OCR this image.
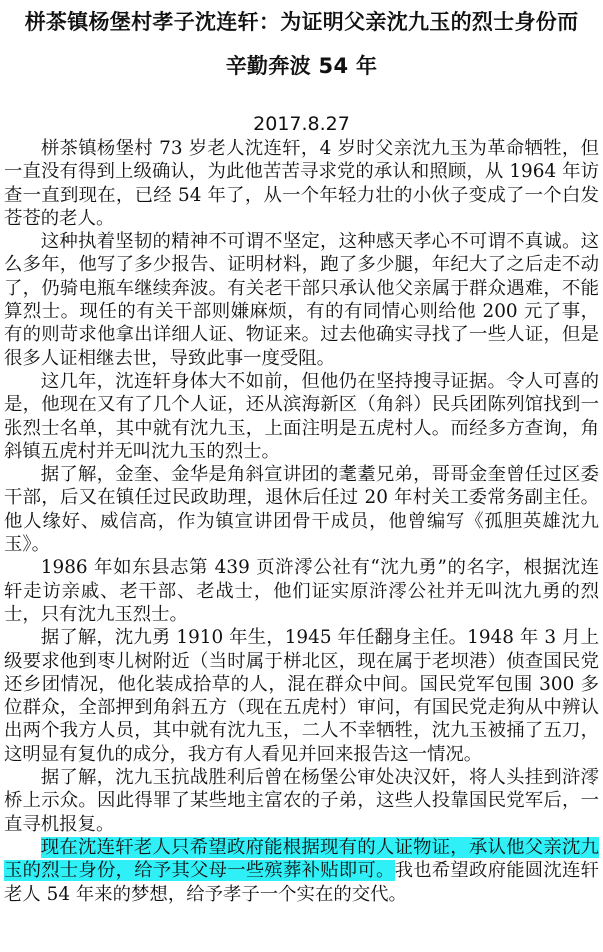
栟茶镇杨堡村孝子沈连轩：为证明父亲沈九玉的烈士身份而
辛勤奔波 54 年
2017.8.27

栟茶镇杨堡村 73 岁老人沈连轩，4 岁时父亲沈九玉为革命牺牲，但一直没有得到上级确认，为此他苦苦寻求党的承认和照顾，从 1964 年访查一直到现在，已经 54 年了，从一个年轻力壮的小伙子变成了一个白发苍苍的老人。

这种执着坚韧的精神不可谓不坚定，这种感天孝心不可谓不真诚。这么多年，他写了多少报告、证明材料，跑了多少腿，年纪大了之后走不动了，仍骑电瓶车继续奔波。有关老干部只承认他父亲属于群众遇难，不能算烈士。现任的有关干部则嫌麻烦，有的有同情心则给他 200 元了事，有的则苛求他拿出详细人证、物证来。过去他确实寻找了一些人证，但是很多人证相继去世，导致此事一度受阻。

这几年，沈连轩身体大不如前，但他仍在坚持搜寻证据。令人可喜的是，他现在又有了几个人证，还从滨海新区（角斜）民兵团陈列馆找到一张烈士名单，其中就有沈九玉，上面注明是五虎村人。而经多方查询，角斜镇五虎村并无叫沈九玉的烈士。

据了解，金奎、金华是角斜宣讲团的耄耋兄弟，哥哥金奎曾任过区委干部，后又在镇任过民政助理，退休后任过 20 年村关工委常务副主任。他人缘好、威信高，作为镇宣讲团骨干成员，他曾编写《孤胆英雄沈九玉》。

1986 年如东县志第 439 页浒澪公社有“沈九勇”的名字，根据沈连轩走访亲戚、老干部、老战士，他们证实原浒澪公社并无叫沈九勇的烈士，只有沈九玉烈士。

据了解，沈九勇 1910 年生，1945 年任翻身主任。1948 年 3 月上级要求他到枣儿树附近（当时属于栟北区，现在属于老坝港）侦查国民党还乡团情况，他化装成拾草的人，混在群众中间。国民党军包围 300 多位群众，全部押到角斜五方（现在五虎村）审问，有国民党走狗从中辨认出两个我方人员，其中就有沈九玉，二人不幸牺牲，沈九玉被捅了五刀，这明显有复仇的成分，我方有人看见并回来报告这一情况。

据了解，沈九玉抗战胜利后曾在杨堡公审处决汉奸，将人头挂到浒澪桥上示众。因此得罪了某些地主富农的子弟，这些人投靠国民党军后，一直寻机报复。

现在沈连轩老人只希望政府能根据现有的人证物证，承认他父亲沈九玉的烈士身份，给予其父母一些殡葬补贴即可。我也希望政府能圆沈连轩老人 54 年来的梦想，给予孝子一个实在的交代。
